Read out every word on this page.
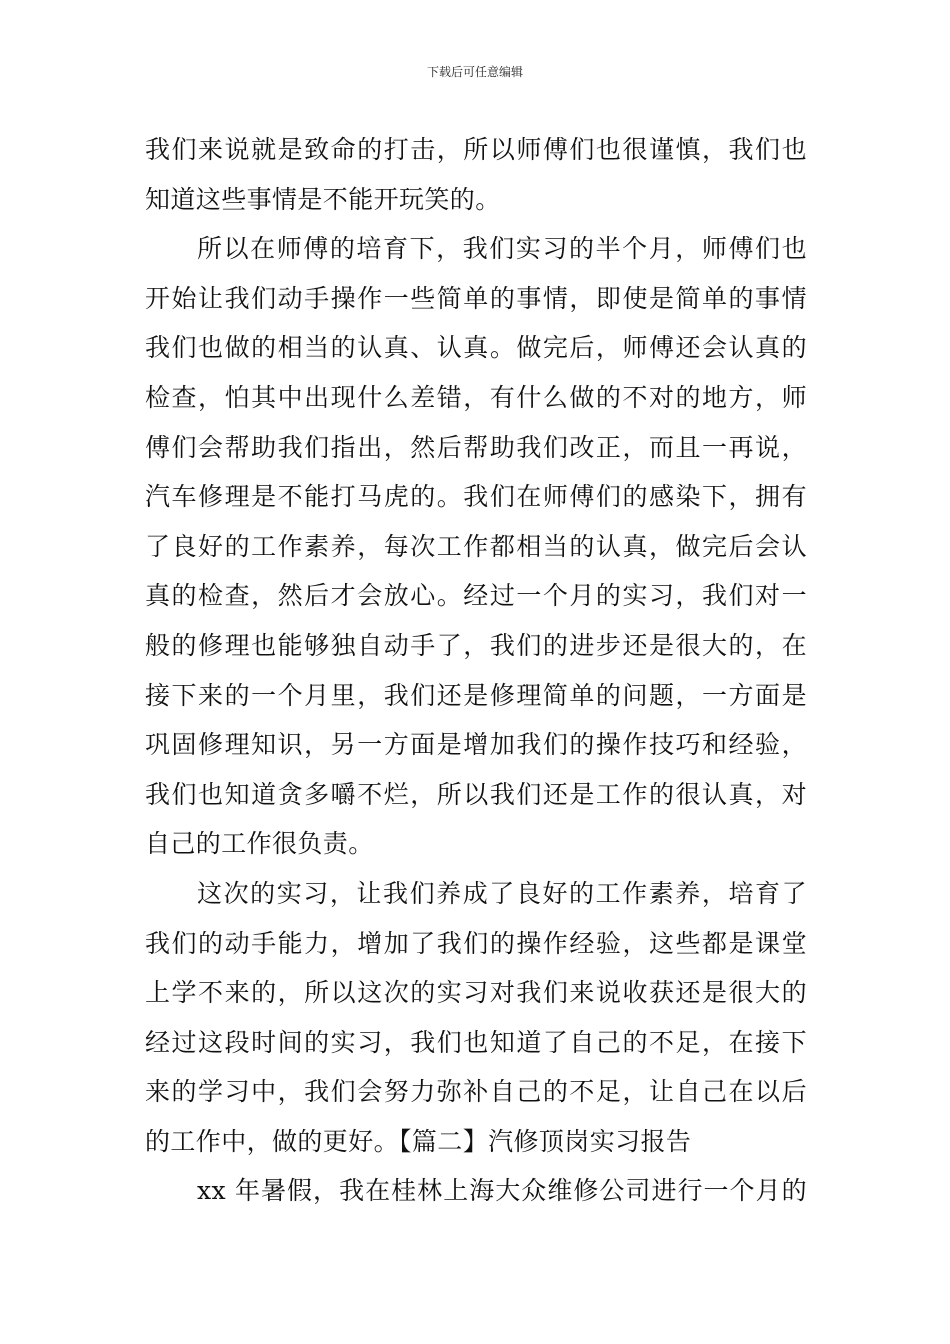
下载后可任意编辑
我们来说就是致命的打击，所以师傅们也很谨慎，我们也
知道这些事情是不能开玩笑的。
所以在师傅的培育下，我们实习的半个月，师傅们也
开始让我们动手操作一些简单的事情，即使是简单的事情
我们也做的相当的认真、认真。做完后，师傅还会认真的
检查，怕其中出现什么差错，有什么做的不对的地方，师
傅们会帮助我们指出，然后帮助我们改正，而且一再说，
汽车修理是不能打马虎的。我们在师傅们的感染下，拥有
了良好的工作素养，每次工作都相当的认真，做完后会认
真的检查，然后才会放心。经过一个月的实习，我们对一
般的修理也能够独自动手了，我们的进步还是很大的，在
接下来的一个月里，我们还是修理简单的问题，一方面是
巩固修理知识，另一方面是增加我们的操作技巧和经验，
我们也知道贪多嚼不烂，所以我们还是工作的很认真，对
自己的工作很负责。
这次的实习，让我们养成了良好的工作素养，培育了
我们的动手能力，增加了我们的操作经验，这些都是课堂
上学不来的，所以这次的实习对我们来说收获还是很大的
经过这段时间的实习，我们也知道了自己的不足，在接下
来的学习中，我们会努力弥补自己的不足，让自己在以后
的工作中，做的更好。【篇二】汽修顶岗实习报告
xx 年暑假，我在桂林上海大众维修公司进行一个月的
